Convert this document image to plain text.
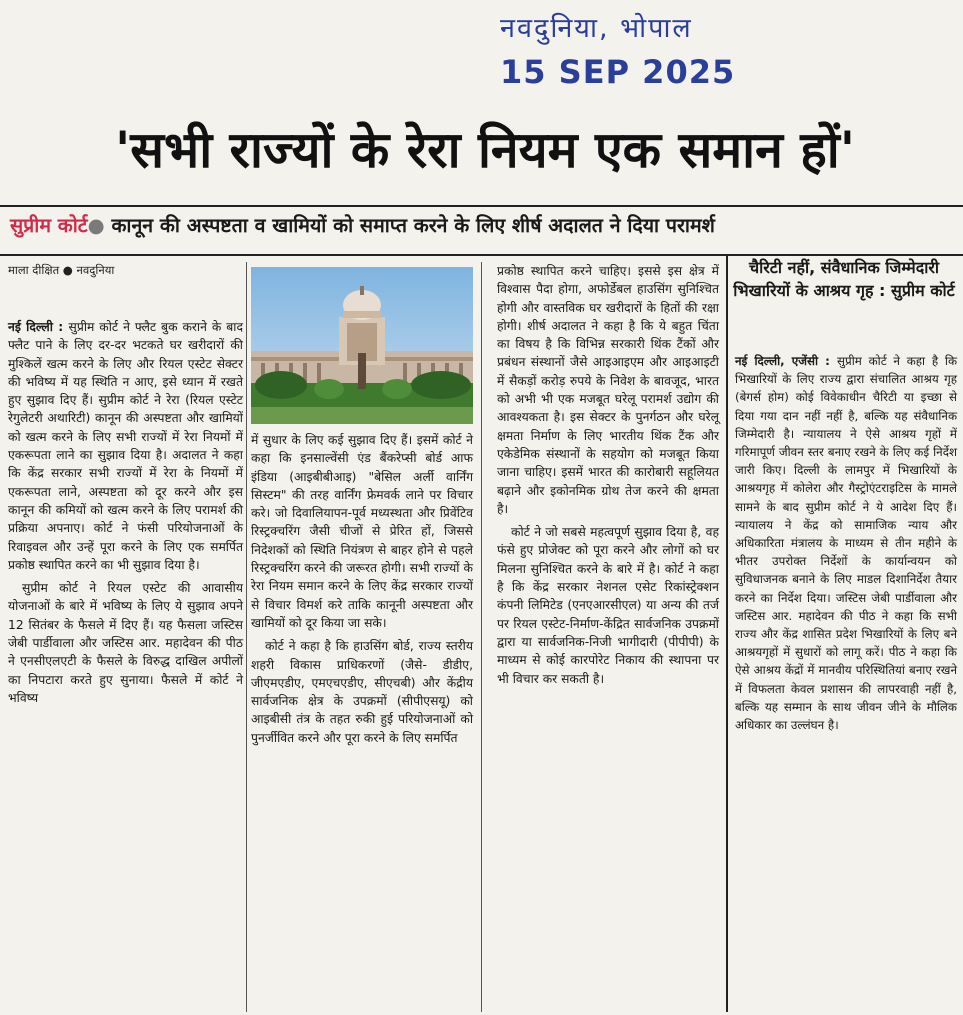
नवदुनिया, भोपाल
15 SEP 2025
'सभी राज्यों के रेरा नियम एक समान हों'
सुप्रीम कोर्ट● कानून की अस्पष्टता व खामियों को समाप्त करने के लिए शीर्ष अदालत ने दिया परामर्श
माला दीक्षित ● नवदुनिया

नई दिल्ली : सुप्रीम कोर्ट ने फ्लैट बुक कराने के बाद फ्लैट पाने के लिए दर-दर भटकते घर खरीदारों की मुश्किलें खत्म करने के लिए और रियल एस्टेट सेक्टर की भविष्य में यह स्थिति न आए, इसे ध्यान में रखते हुए सुझाव दिए हैं। सुप्रीम कोर्ट ने रेरा (रियल एस्टेट रेगुलेटरी अथारिटी) कानून की अस्पष्टता और खामियों को खत्म करने के लिए सभी राज्यों में रेरा नियमों में एकरूपता लाने का सुझाव दिया है। अदालत ने कहा कि केंद्र सरकार सभी राज्यों में रेरा के नियमों में एकरूपता लाने, अस्पष्टता को दूर करने और इस कानून की कमियों को खत्म करने के लिए परामर्श की प्रक्रिया अपनाए। कोर्ट ने फंसी परियोजनाओं के रिवाइवल और उन्हें पूरा करने के लिए एक समर्पित प्रकोष्ठ स्थापित करने का भी सुझाव दिया है।

सुप्रीम कोर्ट ने रियल एस्टेट की आवासीय योजनाओं के बारे में भविष्य के लिए ये सुझाव अपने 12 सितंबर के फैसले में दिए हैं। यह फैसला जस्टिस जेबी पार्डीवाला और जस्टिस आर. महादेवन की पीठ ने एनसीएलएटी के फैसले के विरुद्ध दाखिल अपीलों का निपटारा करते हुए सुनाया। फैसले में कोर्ट ने भविष्य

में सुधार के लिए कई सुझाव दिए हैं। इसमें कोर्ट ने कहा कि इनसाल्वेंसी एंड बैंकरेप्सी बोर्ड आफ इंडिया (आइबीबीआइ) "बेसिल अर्ली वार्निंग सिस्टम" की तरह वार्निंग फ्रेमवर्क लाने पर विचार करे। जो दिवालियापन-पूर्व मध्यस्थता और प्रिवेंटिव रिस्ट्रक्चरिंग जैसी चीजों से प्रेरित हों, जिससे निदेशकों को स्थिति नियंत्रण से बाहर होने से पहले रिस्ट्रक्चरिंग करने की जरूरत होगी। सभी राज्यों के रेरा नियम समान करने के लिए केंद्र सरकार राज्यों से विचार विमर्श करे ताकि कानूनी अस्पष्टता और खामियों को दूर किया जा सके।

कोर्ट ने कहा है कि हाउसिंग बोर्ड, राज्य स्तरीय शहरी विकास प्राधिकरणों (जैसे- डीडीए, जीएमएडीए, एमएचएडीए, सीएचबी) और केंद्रीय सार्वजनिक क्षेत्र के उपक्रमों (सीपीएसयू) को आइबीसी तंत्र के तहत रुकी हुई परियोजनाओं को पुनर्जीवित करने और पूरा करने के लिए समर्पित

प्रकोष्ठ स्थापित करने चाहिए। इससे इस क्षेत्र में विश्वास पैदा होगा, अफोर्डेबल हाउसिंग सुनिश्चित होगी और वास्तविक घर खरीदारों के हितों की रक्षा होगी। शीर्ष अदालत ने कहा है कि ये बहुत चिंता का विषय है कि विभिन्न सरकारी थिंक टैंकों और प्रबंधन संस्थानों जैसे आइआइएम और आइआइटी में सैकड़ों करोड़ रुपये के निवेश के बावजूद, भारत को अभी भी एक मजबूत घरेलू परामर्श उद्योग की आवश्यकता है। इस सेक्टर के पुनर्गठन और घरेलू क्षमता निर्माण के लिए भारतीय थिंक टैंक और एकेडेमिक संस्थानों के सहयोग को मजबूत किया जाना चाहिए। इसमें भारत की कारोबारी सहूलियत बढ़ाने और इकोनमिक ग्रोथ तेज करने की क्षमता है।

कोर्ट ने जो सबसे महत्वपूर्ण सुझाव दिया है, वह फंसे हुए प्रोजेक्ट को पूरा करने और लोगों को घर मिलना सुनिश्चित करने के बारे में है। कोर्ट ने कहा है कि केंद्र सरकार नेशनल एसेट रिकांस्ट्रेक्शन कंपनी लिमिटेड (एनएआरसीएल) या अन्य की तर्ज पर रियल एस्टेट-निर्माण-केंद्रित सार्वजनिक उपक्रमों द्वारा या सार्वजनिक-निजी भागीदारी (पीपीपी) के माध्यम से कोई कारपोरेट निकाय की स्थापना पर भी विचार कर सकती है।

चैरिटी नहीं, संवैधानिक जिम्मेदारी भिखारियों के आश्रय गृह : सुप्रीम कोर्ट

नई दिल्ली, एजेंसी : सुप्रीम कोर्ट ने कहा है कि भिखारियों के लिए राज्य द्वारा संचालित आश्रय गृह (बेगर्स होम) कोई विवेकाधीन चैरिटी या इच्छा से दिया गया दान नहीं नहीं है, बल्कि यह संवैधानिक जिम्मेदारी है। न्यायालय ने ऐसे आश्रय गृहों में गरिमापूर्ण जीवन स्तर बनाए रखने के लिए कई निर्देश जारी किए। दिल्ली के लामपुर में भिखारियों के आश्रयगृह में कोलेरा और गैस्ट्रोएंटराइटिस के मामले सामने के बाद सुप्रीम कोर्ट ने ये आदेश दिए हैं। न्यायालय ने केंद्र को सामाजिक न्याय और अधिकारिता मंत्रालय के माध्यम से तीन महीने के भीतर उपरोक्त निर्देशों के कार्यान्वयन को सुविधाजनक बनाने के लिए माडल दिशानिर्देश तैयार करने का निर्देश दिया। जस्टिस जेबी पार्डीवाला और जस्टिस आर. महादेवन की पीठ ने कहा कि सभी राज्य और केंद्र शासित प्रदेश भिखारियों के लिए बने आश्रयगृहों में सुधारों को लागू करें। पीठ ने कहा कि ऐसे आश्रय केंद्रों में मानवीय परिस्थितियां बनाए रखने में विफलता केवल प्रशासन की लापरवाही नहीं है, बल्कि यह सम्मान के साथ जीवन जीने के मौलिक अधिकार का उल्लंघन है।
